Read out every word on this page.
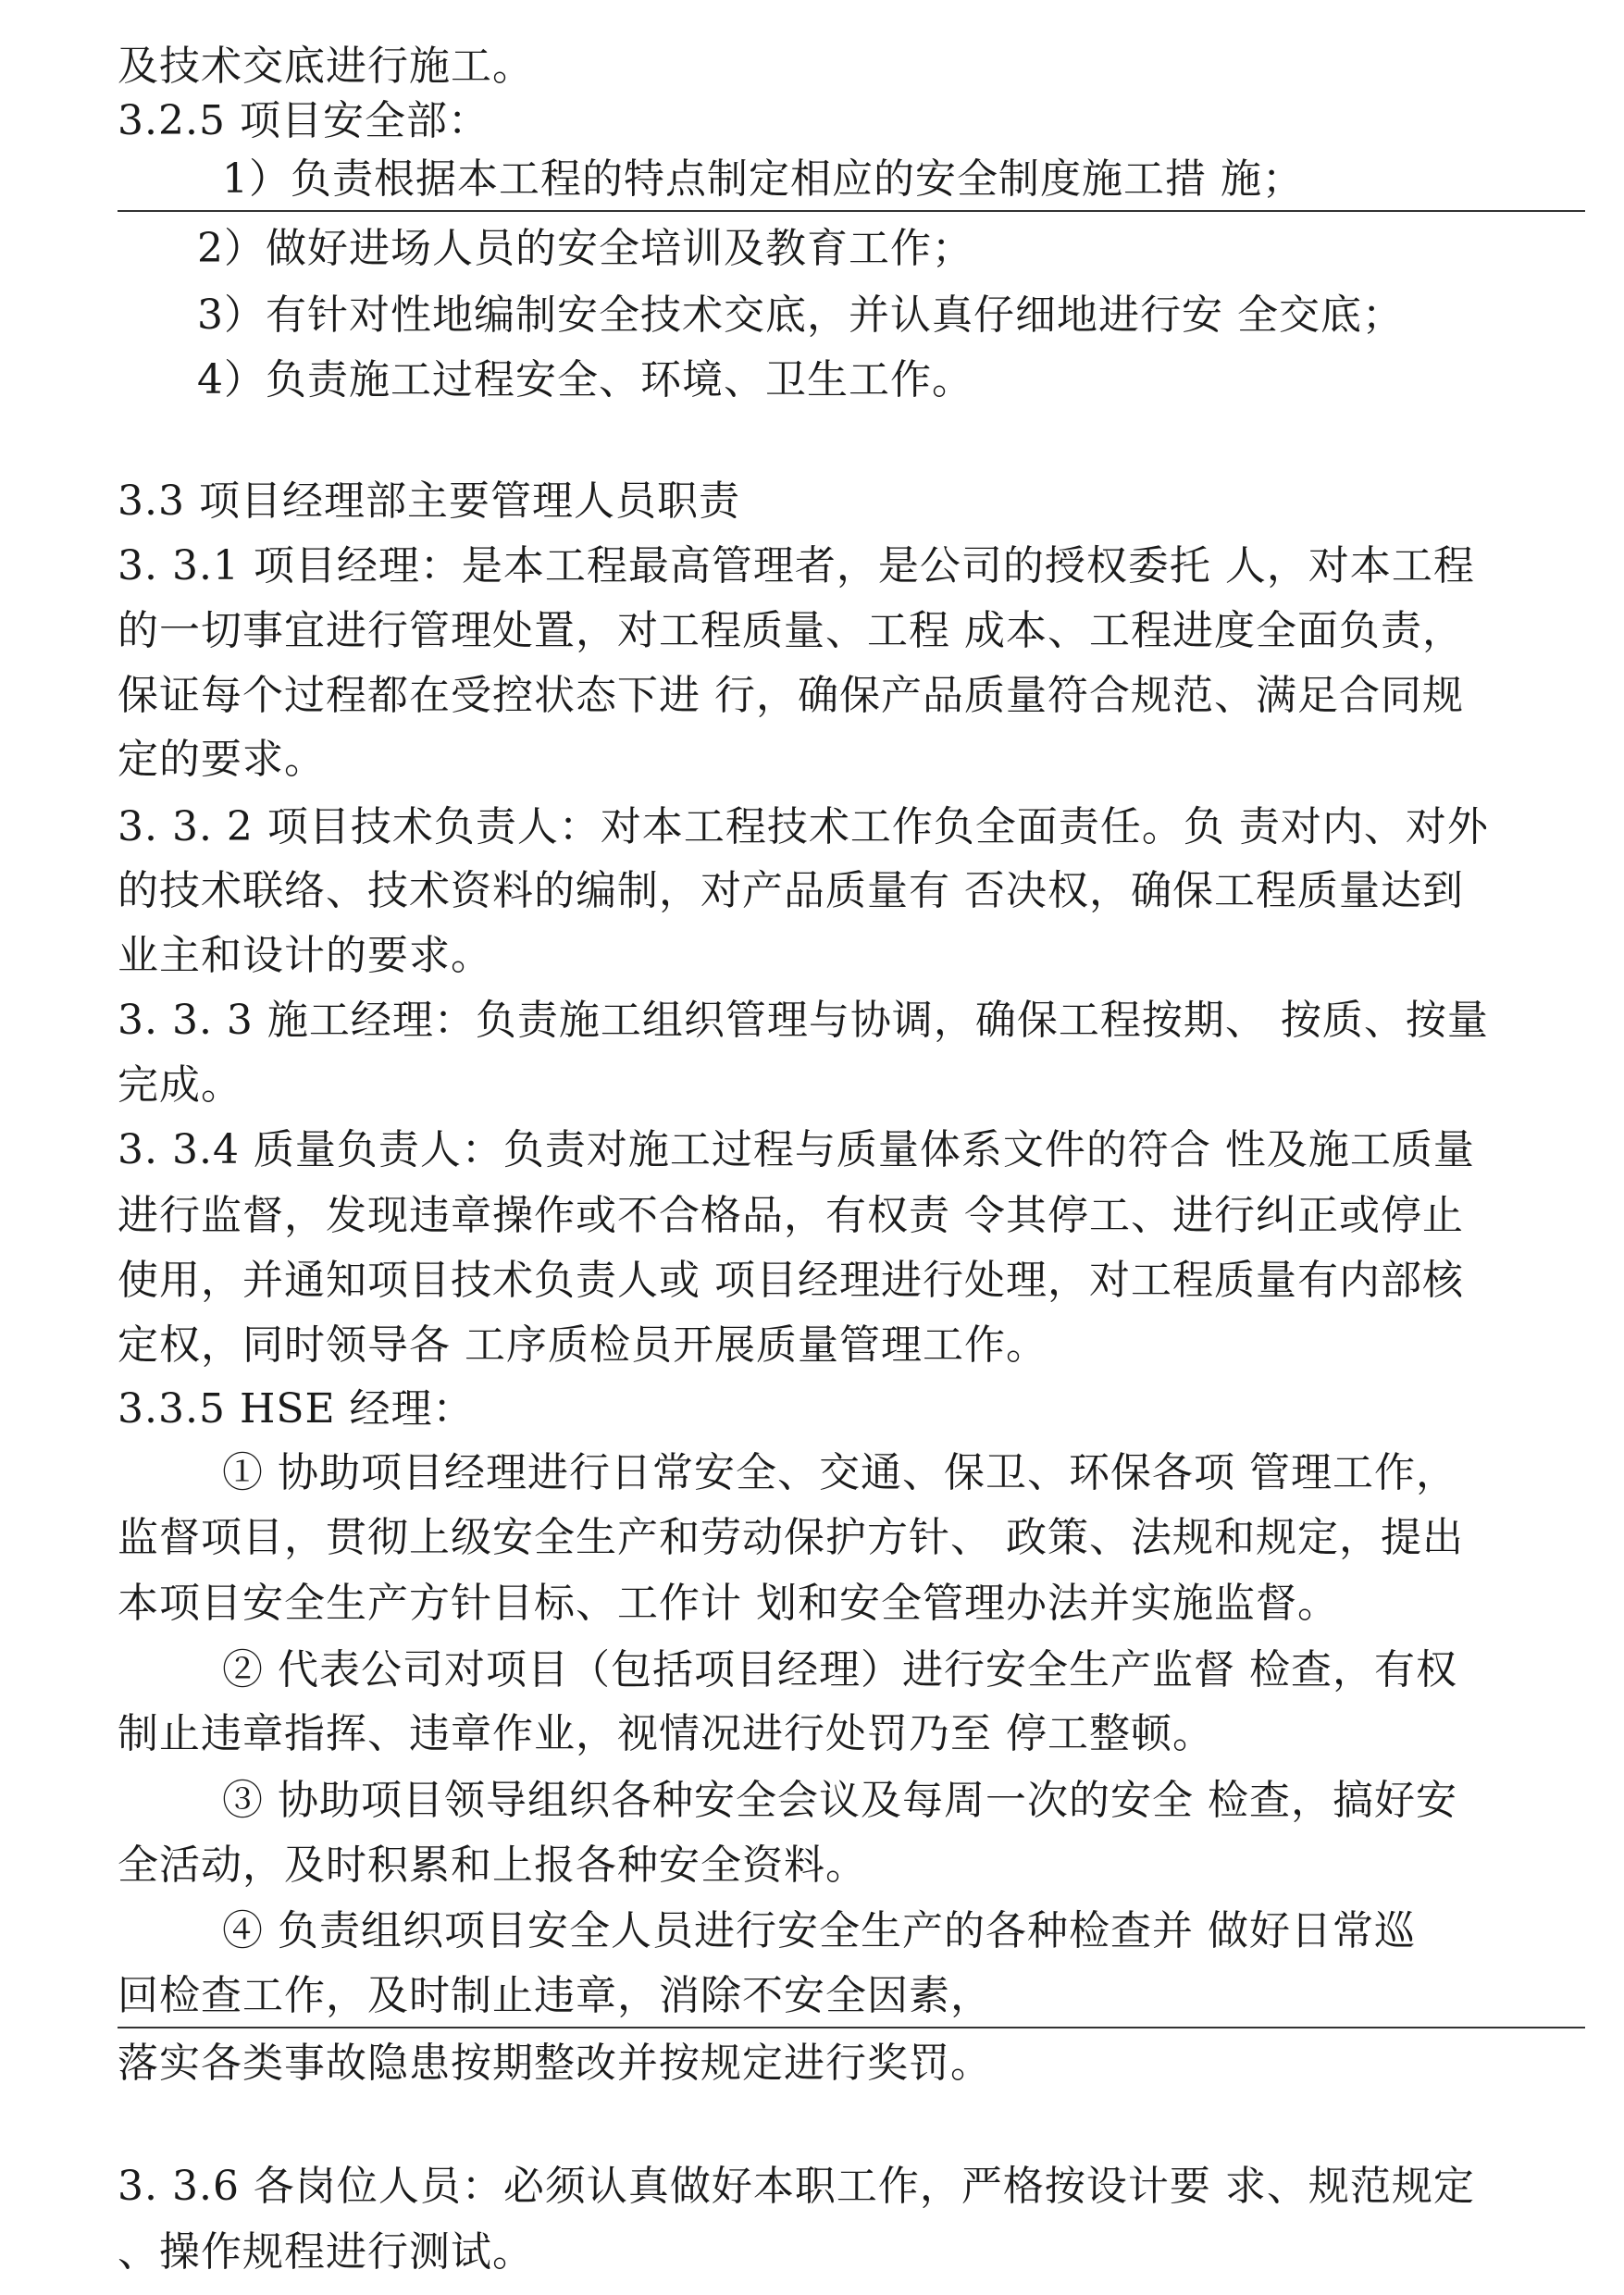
及技术交底进行施工。
3.2.5 项目安全部：
1）负责根据本工程的特点制定相应的安全制度施工措 施；
2）做好进场人员的安全培训及教育工作；
3）有针对性地编制安全技术交底，并认真仔细地进行安 全交底；
4）负责施工过程安全、环境、卫生工作。
3.3 项目经理部主要管理人员职责
3. 3.1 项目经理：是本工程最高管理者，是公司的授权委托 人，对本工程
的一切事宜进行管理处置，对工程质量、工程 成本、工程进度全面负责，
保证每个过程都在受控状态下进 行，确保产品质量符合规范、满足合同规
定的要求。
3. 3. 2 项目技术负责人：对本工程技术工作负全面责任。负 责对内、对外
的技术联络、技术资料的编制，对产品质量有 否决权，确保工程质量达到
业主和设计的要求。
3. 3. 3 施工经理：负责施工组织管理与协调，确保工程按期、 按质、按量
完成。
3. 3.4 质量负责人：负责对施工过程与质量体系文件的符合 性及施工质量
进行监督，发现违章操作或不合格品，有权责 令其停工、进行纠正或停止
使用，并通知项目技术负责人或 项目经理进行处理，对工程质量有内部核
定权，同时领导各 工序质检员开展质量管理工作。
3.3.5 HSE 经理：
① 协助项目经理进行日常安全、交通、保卫、环保各项 管理工作，
监督项目，贯彻上级安全生产和劳动保护方针、 政策、法规和规定，提出
本项目安全生产方针目标、工作计 划和安全管理办法并实施监督。
② 代表公司对项目（包括项目经理）进行安全生产监督 检查，有权
制止违章指挥、违章作业，视情况进行处罚乃至 停工整顿。
③ 协助项目领导组织各种安全会议及每周一次的安全 检查，搞好安
全活动，及时积累和上报各种安全资料。
④ 负责组织项目安全人员进行安全生产的各种检查并 做好日常巡
回检查工作，及时制止违章，消除不安全因素，
落实各类事故隐患按期整改并按规定进行奖罚。
3. 3.6 各岗位人员：必须认真做好本职工作，严格按设计要 求、规范规定
、操作规程进行测试。
